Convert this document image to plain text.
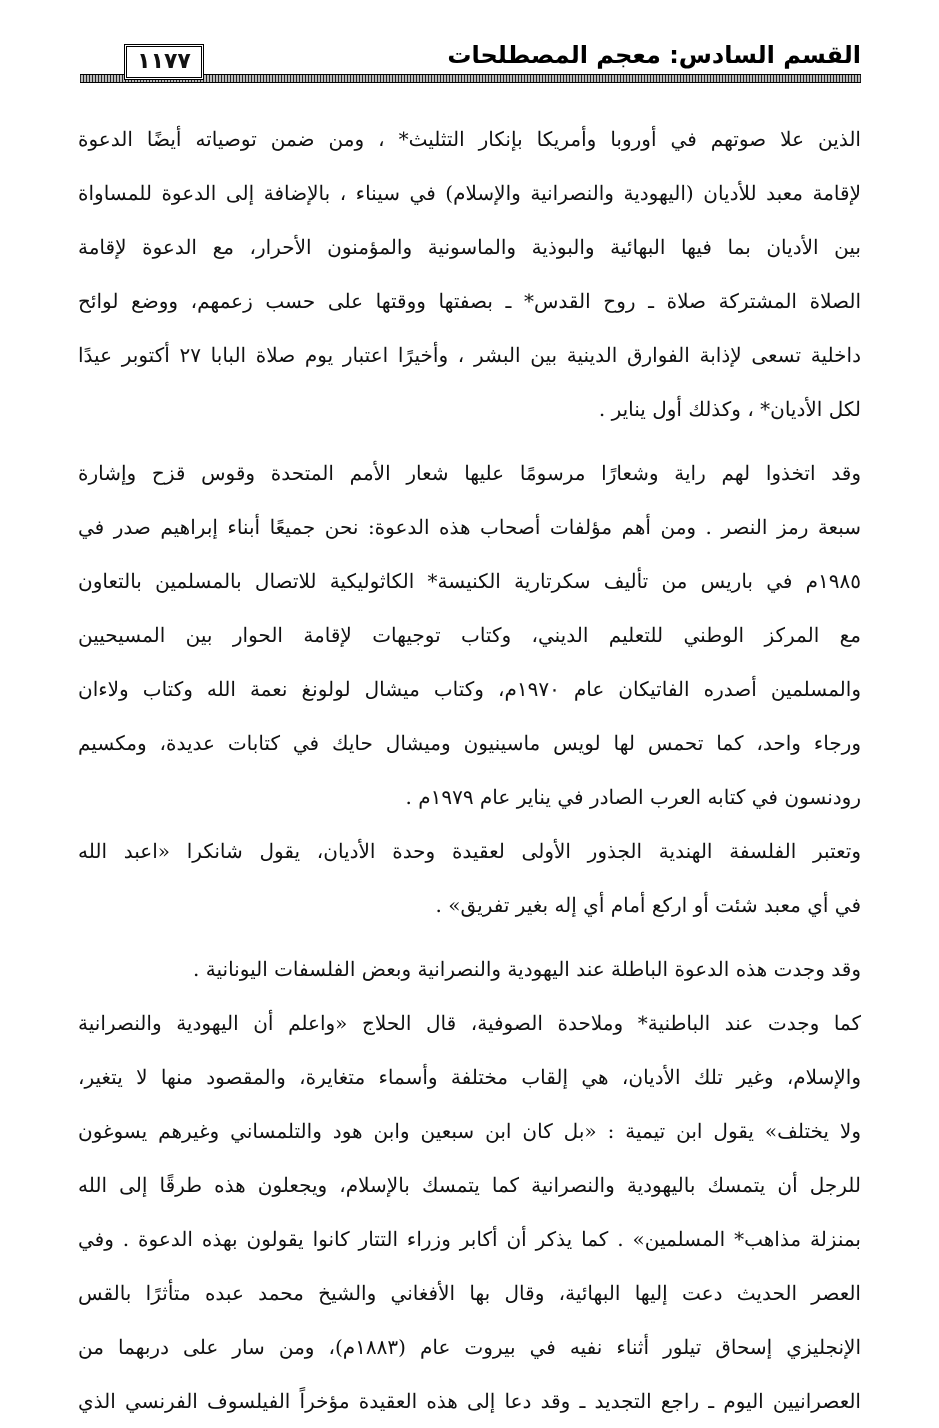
القسم السادس: معجم المصطلحات
١١٧٧
الذين علا صوتهم في أوروبا وأمريكا بإنكار التثليث* ، ومن ضمن توصياته أيضًا الدعوة
لإقامة معبد للأديان (اليهودية والنصرانية والإسلام) في سيناء ، بالإضافة إلى الدعوة للمساواة
بين الأديان بما فيها البهائية والبوذية والماسونية والمؤمنون الأحرار، مع الدعوة لإقامة
الصلاة المشتركة صلاة ـ روح القدس* ـ بصفتها ووقتها على حسب زعمهم، ووضع لوائح
داخلية تسعى لإذابة الفوارق الدينية بين البشر ، وأخيرًا اعتبار يوم صلاة البابا ٢٧ أكتوبر عيدًا
لكل الأديان* ، وكذلك أول يناير .
وقد اتخذوا لهم راية وشعارًا مرسومًا عليها شعار الأمم المتحدة وقوس قزح وإشارة
سبعة رمز النصر . ومن أهم مؤلفات أصحاب هذه الدعوة: نحن جميعًا أبناء إبراهيم صدر في
١٩٨٥م في باريس من تأليف سكرتارية الكنيسة* الكاثوليكية للاتصال بالمسلمين بالتعاون
مع المركز الوطني للتعليم الديني، وكتاب توجيهات لإقامة الحوار بين المسيحيين
والمسلمين أصدره الفاتيكان عام ١٩٧٠م، وكتاب ميشال لولونغ نعمة الله وكتاب ولاءان
ورجاء واحد، كما تحمس لها لويس ماسينيون وميشال حايك في كتابات عديدة، ومكسيم
رودنسون في كتابه العرب الصادر في يناير عام ١٩٧٩م .
وتعتبر الفلسفة الهندية الجذور الأولى لعقيدة وحدة الأديان، يقول شانكرا «اعبد الله
في أي معبد شئت أو اركع أمام أي إله بغير تفريق» .
وقد وجدت هذه الدعوة الباطلة عند اليهودية والنصرانية وبعض الفلسفات اليونانية .
كما وجدت عند الباطنية* وملاحدة الصوفية، قال الحلاج «واعلم أن اليهودية والنصرانية
والإسلام، وغير تلك الأديان، هي إلقاب مختلفة وأسماء متغايرة، والمقصود منها لا يتغير،
ولا يختلف» يقول ابن تيمية : «بل كان ابن سبعين وابن هود والتلمساني وغيرهم يسوغون
للرجل أن يتمسك باليهودية والنصرانية كما يتمسك بالإسلام، ويجعلون هذه طرقًا إلى الله
بمنزلة مذاهب* المسلمين» . كما يذكر أن أكابر وزراء التتار كانوا يقولون بهذه الدعوة . وفي
العصر الحديث دعت إليها البهائية، وقال بها الأفغاني والشيخ محمد عبده متأثرًا بالقس
الإنجليزي إسحاق تيلور أثناء نفيه في بيروت عام (١٨٨٣م)، ومن سار على دربهما من
العصرانيين اليوم ـ راجع التجديد ـ وقد دعا إلى هذه العقيدة مؤخراً الفيلسوف الفرنسي الذي
